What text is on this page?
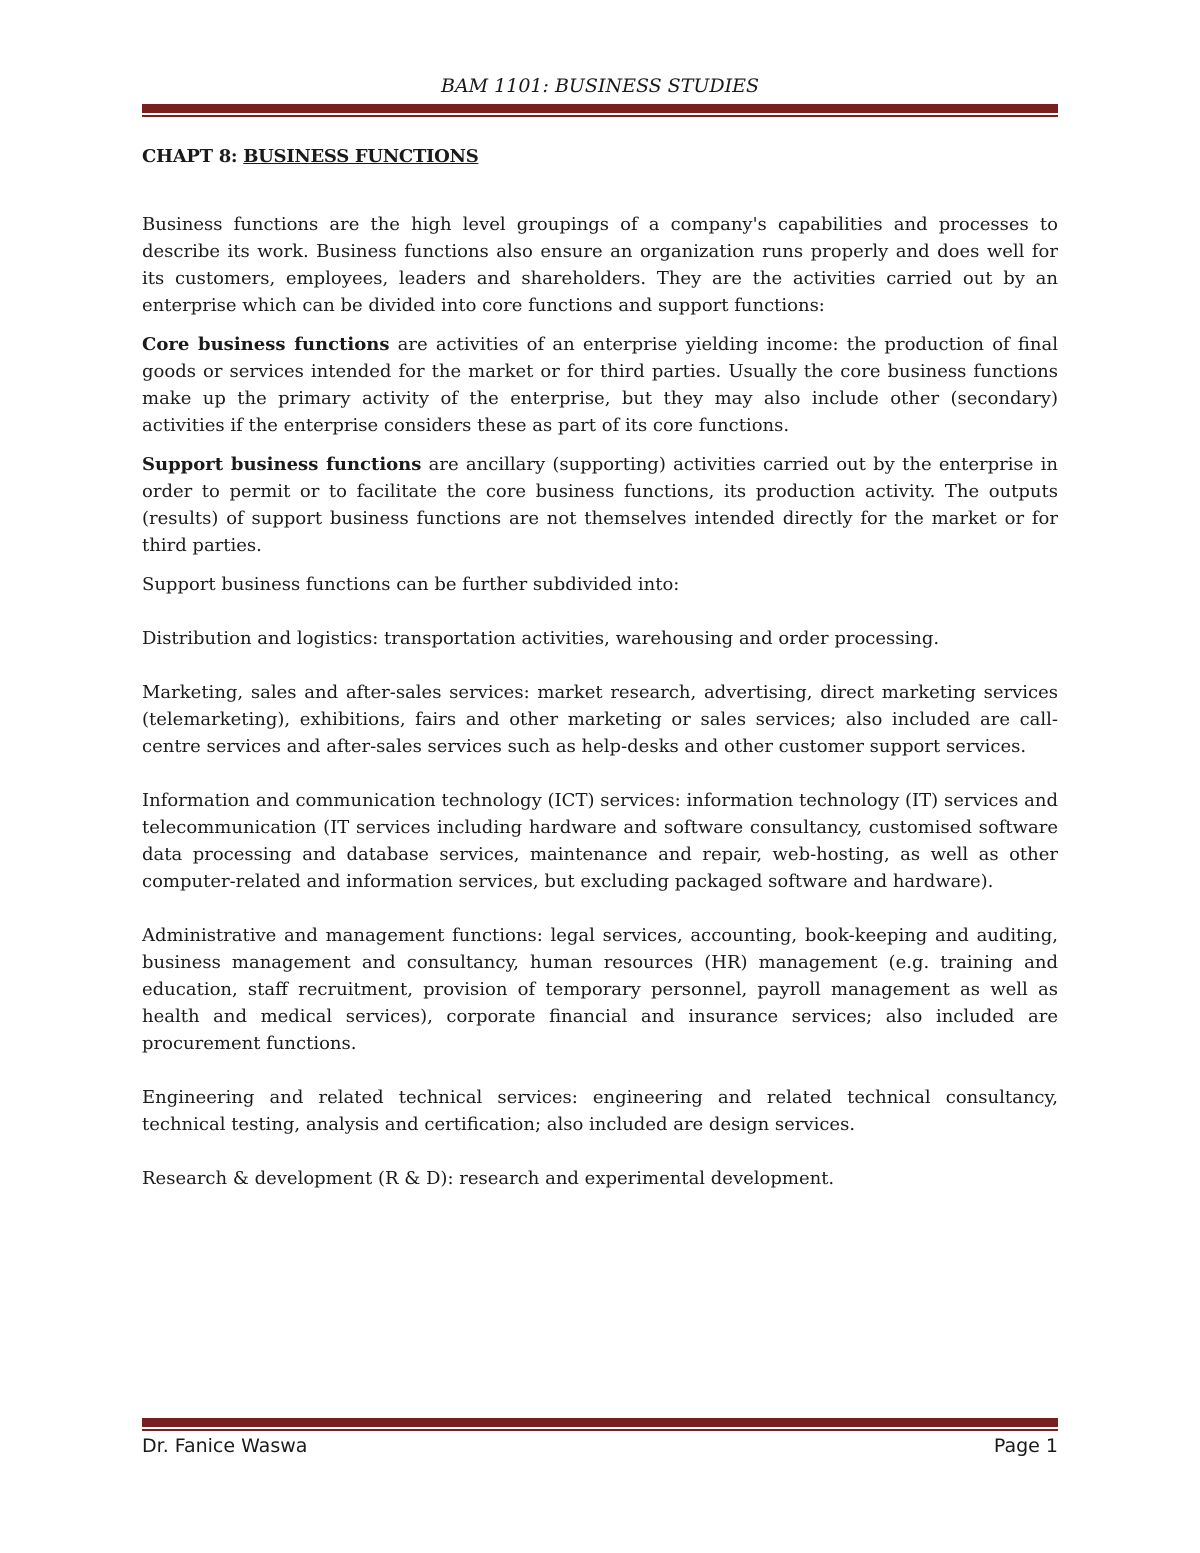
BAM 1101: BUSINESS STUDIES
CHAPT 8: BUSINESS FUNCTIONS

Business functions are the high level groupings of a company's capabilities and processes to describe its work. Business functions also ensure an organization runs properly and does well for its customers, employees, leaders and shareholders. They are the activities carried out by an enterprise which can be divided into core functions and support functions:

Core business functions are activities of an enterprise yielding income: the production of final goods or services intended for the market or for third parties. Usually the core business functions make up the primary activity of the enterprise, but they may also include other (secondary) activities if the enterprise considers these as part of its core functions.

Support business functions are ancillary (supporting) activities carried out by the enterprise in order to permit or to facilitate the core business functions, its production activity. The outputs (results) of support business functions are not themselves intended directly for the market or for third parties.

Support business functions can be further subdivided into:

Distribution and logistics: transportation activities, warehousing and order processing.

Marketing, sales and after-sales services: market research, advertising, direct marketing services (telemarketing), exhibitions, fairs and other marketing or sales services; also included are call-centre services and after-sales services such as help-desks and other customer support services.

Information and communication technology (ICT) services: information technology (IT) services and telecommunication (IT services including hardware and software consultancy, customised software data processing and database services, maintenance and repair, web-hosting, as well as other computer-related and information services, but excluding packaged software and hardware).

Administrative and management functions: legal services, accounting, book-keeping and auditing, business management and consultancy, human resources (HR) management (e.g. training and education, staff recruitment, provision of temporary personnel, payroll management as well as health and medical services), corporate financial and insurance services; also included are procurement functions.

Engineering and related technical services: engineering and related technical consultancy, technical testing, analysis and certification; also included are design services.

Research & development (R & D): research and experimental development.

Dr. Fanice Waswa	Page 1
